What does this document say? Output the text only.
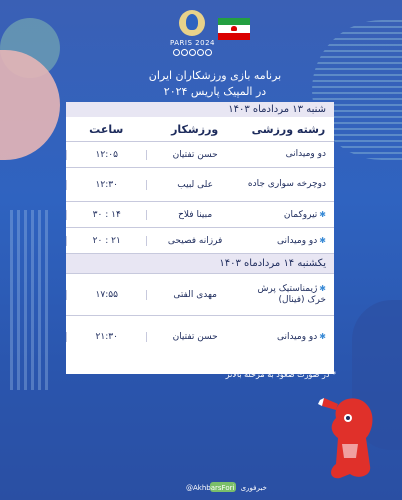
PARIS 2024
برنامه بازی ورزشکاران ایران
در المپیک پاریس ۲۰۲۴
شنبه ۱۳ مردادماه ۱۴۰۳
رشته ورزشی
ورزشکار
ساعت
دو ومیدانی
حسن تفتیان
۱۲:۰۵
دوچرخه سواری جاده
علی لبیب
۱۲:۳۰
✱تیروکمان
مبینا فلاح
۱۴ : ۳۰
✱دو ومیدانی
فرزانه فصیحی
۲۱ : ۲۰
یکشنبه ۱۴ مردادماه ۱۴۰۳
✱ژیمناستیک پرش خرک (فینال)
مهدی الفتی
۱۷:۵۵
✱دو ومیدانی
حسن تفتیان
۲۱:۳۰
* در صورت صعود به مرحله بالاتر
@AkhbarsFori خبرفوری
